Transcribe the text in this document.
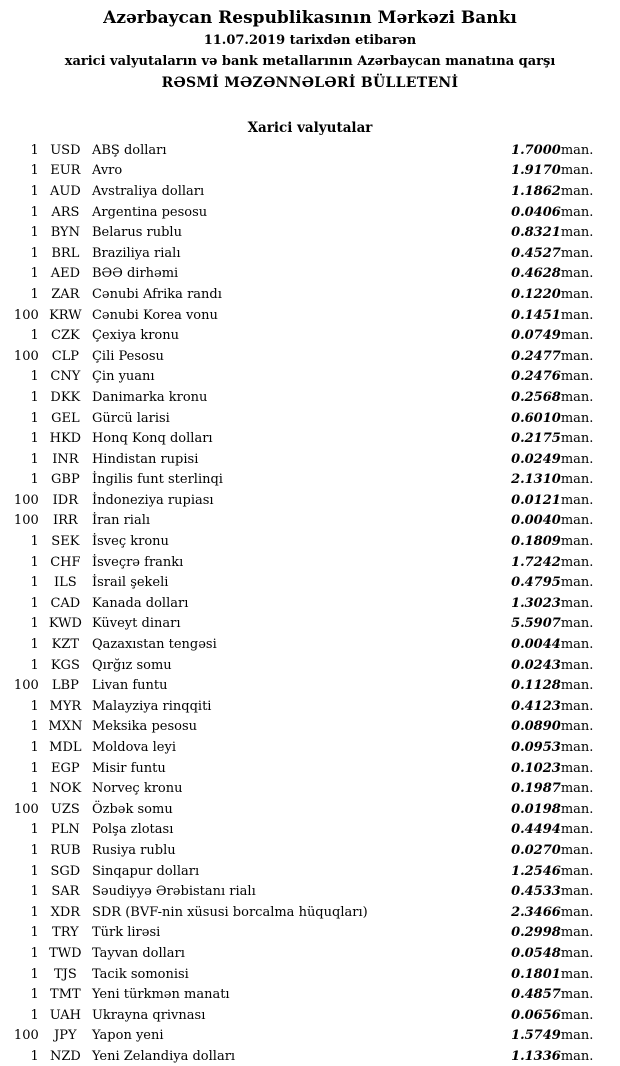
Azərbaycan Respublikasının Mərkəzi Bankı
11.07.2019 tarixdən etibarən
xarici valyutaların və bank metallarının Azərbaycan manatına qarşı
RƏSMİ MƏZƏNNƏLƏRİ BÜLLETENİ
Xarici valyutalar
1	USD	ABŞ dolları	1.7000	man.
1	EUR	Avro	1.9170	man.
1	AUD	Avstraliya dolları	1.1862	man.
1	ARS	Argentina pesosu	0.0406	man.
1	BYN	Belarus rublu	0.8321	man.
1	BRL	Braziliya rialı	0.4527	man.
1	AED	BƏƏ dirhəmi	0.4628	man.
1	ZAR	Cənubi Afrika randı	0.1220	man.
100	KRW	Cənubi Korea vonu	0.1451	man.
1	CZK	Çexiya kronu	0.0749	man.
100	CLP	Çili Pesosu	0.2477	man.
1	CNY	Çin yuanı	0.2476	man.
1	DKK	Danimarka kronu	0.2568	man.
1	GEL	Gürcü larisi	0.6010	man.
1	HKD	Honq Konq dolları	0.2175	man.
1	INR	Hindistan rupisi	0.0249	man.
1	GBP	İngilis funt sterlinqi	2.1310	man.
100	IDR	İndoneziya rupiası	0.0121	man.
100	IRR	İran rialı	0.0040	man.
1	SEK	İsveç kronu	0.1809	man.
1	CHF	İsveçrə frankı	1.7242	man.
1	ILS	İsrail şekeli	0.4795	man.
1	CAD	Kanada dolları	1.3023	man.
1	KWD	Küveyt dinarı	5.5907	man.
1	KZT	Qazaxıstan tengəsi	0.0044	man.
1	KGS	Qırğız somu	0.0243	man.
100	LBP	Livan funtu	0.1128	man.
1	MYR	Malayziya rinqqiti	0.4123	man.
1	MXN	Meksika pesosu	0.0890	man.
1	MDL	Moldova leyi	0.0953	man.
1	EGP	Misir funtu	0.1023	man.
1	NOK	Norveç kronu	0.1987	man.
100	UZS	Özbək somu	0.0198	man.
1	PLN	Polşa zlotası	0.4494	man.
1	RUB	Rusiya rublu	0.0270	man.
1	SGD	Sinqapur dolları	1.2546	man.
1	SAR	Səudiyyə Ərəbistanı rialı	0.4533	man.
1	XDR	SDR (BVF-nin xüsusi borcalma hüquqları)	2.3466	man.
1	TRY	Türk lirəsi	0.2998	man.
1	TWD	Tayvan dolları	0.0548	man.
1	TJS	Tacik somonisi	0.1801	man.
1	TMT	Yeni türkmən manatı	0.4857	man.
1	UAH	Ukrayna qrivnası	0.0656	man.
100	JPY	Yapon yeni	1.5749	man.
1	NZD	Yeni Zelandiya dolları	1.1336	man.
